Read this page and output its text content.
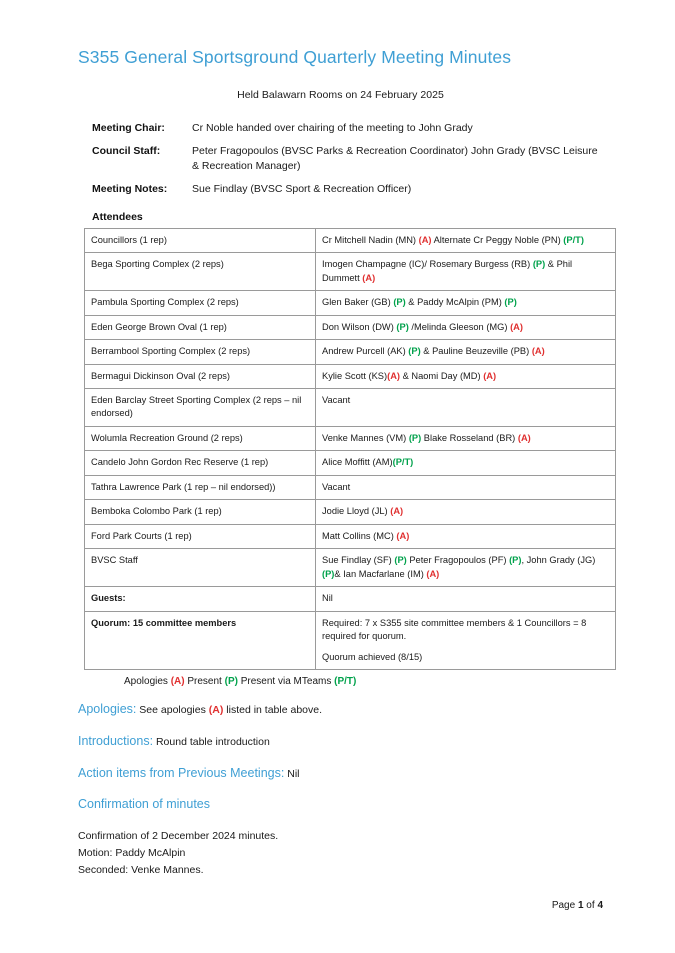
S355 General Sportsground Quarterly Meeting Minutes
Held Balawarn Rooms on 24 February 2025
Meeting Chair:	Cr Noble handed over chairing of the meeting to John Grady
Council Staff:	Peter Fragopoulos (BVSC Parks & Recreation Coordinator) John Grady (BVSC Leisure & Recreation Manager)
Meeting Notes:	Sue Findlay (BVSC Sport & Recreation Officer)
Attendees
Councillors (1 rep)	Cr Mitchell Nadin (MN) (A) Alternate Cr Peggy Noble (PN) (P/T)
Bega Sporting Complex (2 reps)	Imogen Champagne (IC)/ Rosemary Burgess (RB) (P) & Phil Dummett (A)
Pambula Sporting Complex (2 reps)	Glen Baker (GB) (P) & Paddy McAlpin (PM) (P)
Eden George Brown Oval (1 rep)	Don Wilson (DW) (P) /Melinda Gleeson (MG) (A)
Berrambool Sporting Complex (2 reps)	Andrew Purcell (AK) (P) & Pauline Beuzeville (PB) (A)
Bermagui Dickinson Oval (2 reps)	Kylie Scott (KS)(A) & Naomi Day (MD) (A)
Eden Barclay Street Sporting Complex (2 reps – nil endorsed)	Vacant
Wolumla Recreation Ground (2 reps)	Venke Mannes (VM) (P) Blake Rosseland (BR) (A)
Candelo John Gordon Rec Reserve (1 rep)	Alice Moffitt (AM)(P/T)
Tathra Lawrence Park (1 rep – nil endorsed))	Vacant
Bemboka Colombo Park (1 rep)	Jodie Lloyd (JL) (A)
Ford Park Courts (1 rep)	Matt Collins (MC) (A)
BVSC Staff	Sue Findlay (SF) (P) Peter Fragopoulos (PF) (P), John Grady (JG) (P)& Ian Macfarlane (IM) (A)
Guests:	Nil
Quorum: 15 committee members	Required: 7 x S355 site committee members & 1 Councillors = 8 required for quorum.

Quorum achieved (8/15)

Apologies (A) Present (P) Present via MTeams (P/T)
Apologies: See apologies (A) listed in table above.
Introductions: Round table introduction
Action items from Previous Meetings: Nil
Confirmation of minutes

Confirmation of 2 December 2024 minutes.

Motion: Paddy McAlpin

Seconded: Venke Mannes.

Page 1 of 4
